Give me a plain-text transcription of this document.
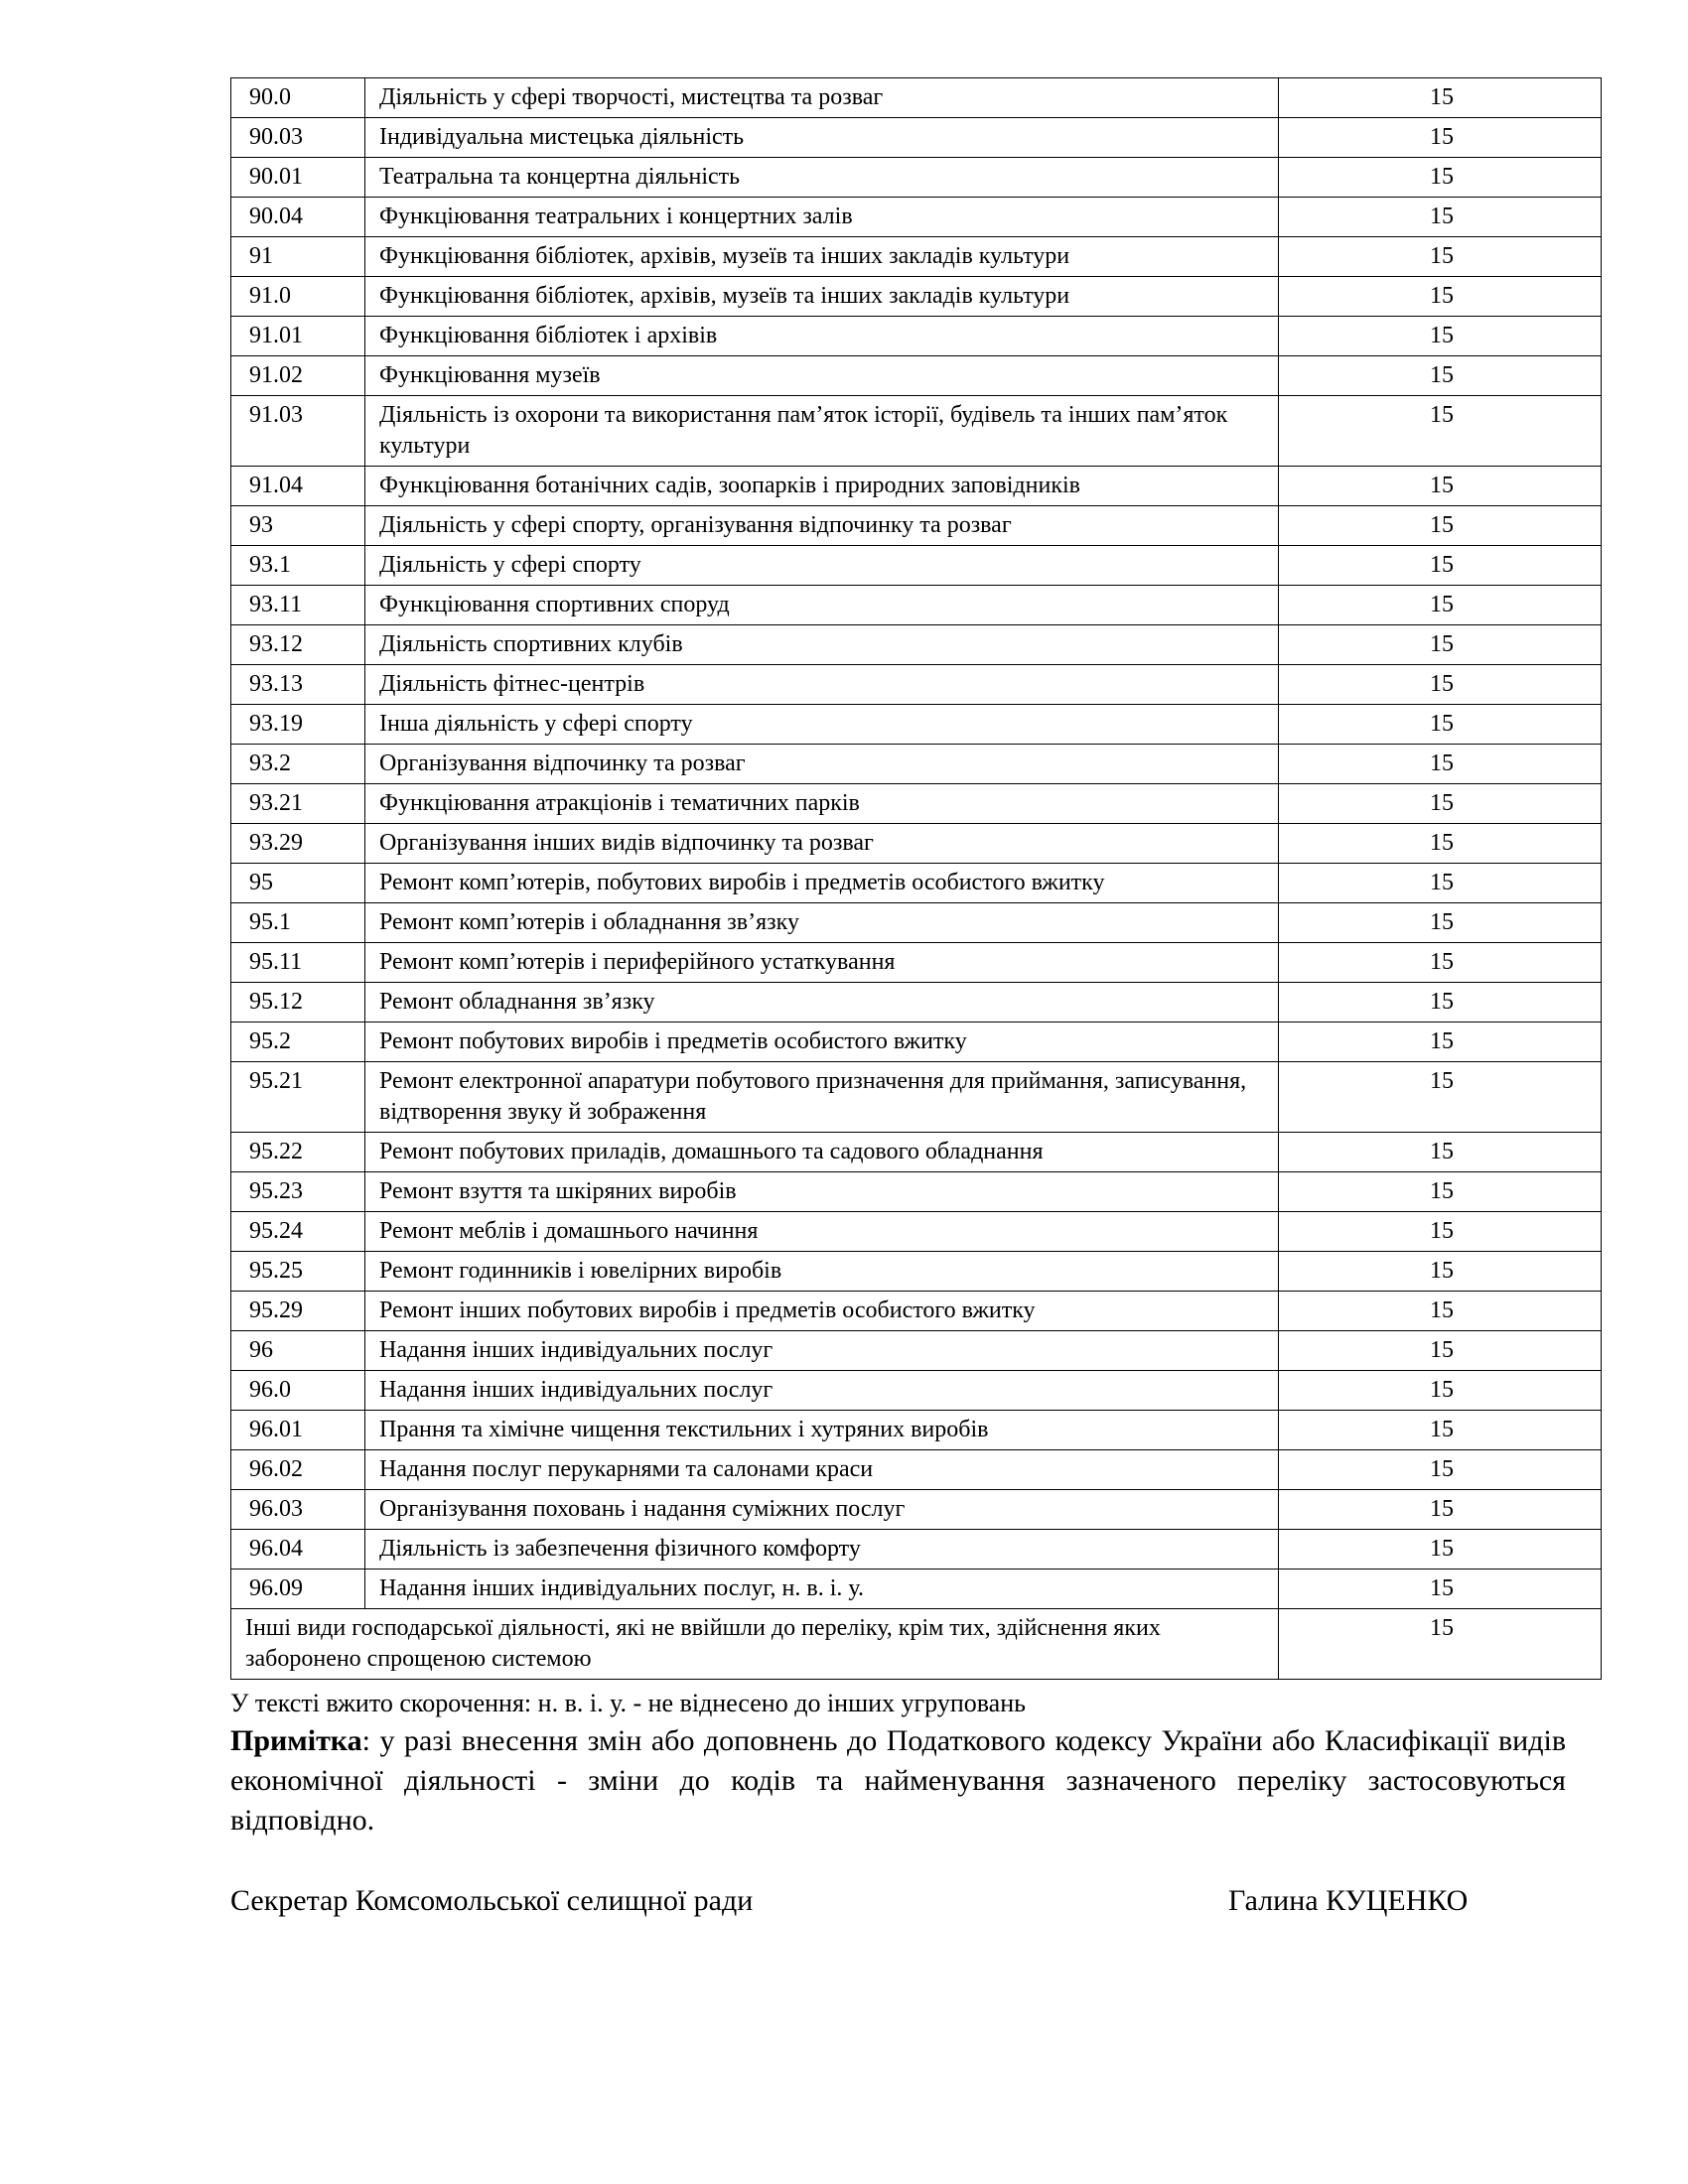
90.0	Діяльність у сфері творчості, мистецтва та розваг	15
90.03	Індивідуальна мистецька діяльність	15
90.01	Театральна та концертна діяльність	15
90.04	Функціювання театральних і концертних залів	15
91	Функціювання бібліотек, архівів, музеїв та інших закладів культури	15
91.0	Функціювання бібліотек, архівів, музеїв та інших закладів культури	15
91.01	Функціювання бібліотек і архівів	15
91.02	Функціювання музеїв	15
91.03	Діяльність із охорони та використання пам’яток історії, будівель та інших пам’яток культури	15
91.04	Функціювання ботанічних садів, зоопарків і природних заповідників	15
93	Діяльність у сфері спорту, організування відпочинку та розваг	15
93.1	Діяльність у сфері спорту	15
93.11	Функціювання спортивних споруд	15
93.12	Діяльність спортивних клубів	15
93.13	Діяльність фітнес-центрів	15
93.19	Інша діяльність у сфері спорту	15
93.2	Організування відпочинку та розваг	15
93.21	Функціювання атракціонів і тематичних парків	15
93.29	Організування інших видів відпочинку та розваг	15
95	Ремонт комп’ютерів, побутових виробів і предметів особистого вжитку	15
95.1	Ремонт комп’ютерів і обладнання зв’язку	15
95.11	Ремонт комп’ютерів і периферійного устаткування	15
95.12	Ремонт обладнання зв’язку	15
95.2	Ремонт побутових виробів і предметів особистого вжитку	15
95.21	Ремонт електронної апаратури побутового призначення для приймання, записування, відтворення звуку й зображення	15
95.22	Ремонт побутових приладів, домашнього та садового обладнання	15
95.23	Ремонт взуття та шкіряних виробів	15
95.24	Ремонт меблів і домашнього начиння	15
95.25	Ремонт годинників і ювелірних виробів	15
95.29	Ремонт інших побутових виробів і предметів особистого вжитку	15
96	Надання інших індивідуальних послуг	15
96.0	Надання інших індивідуальних послуг	15
96.01	Прання та хімічне чищення текстильних і хутряних виробів	15
96.02	Надання послуг перукарнями та салонами краси	15
96.03	Організування поховань і надання суміжних послуг	15
96.04	Діяльність із забезпечення фізичного комфорту	15
96.09	Надання інших індивідуальних послуг, н. в. і. у.	15
Інші види господарської діяльності, які не ввійшли до переліку, крім тих, здійснення яких заборонено спрощеною системою		15
У тексті вжито скорочення: н. в. і. у. - не віднесено до інших угруповань
Примітка: у разі внесення змін або доповнень до Податкового кодексу України або Класифікації видів економічної діяльності - зміни до кодів та найменування зазначеного переліку застосовуються відповідно.
Секретар Комсомольської селищної ради	Галина КУЦЕНКО
